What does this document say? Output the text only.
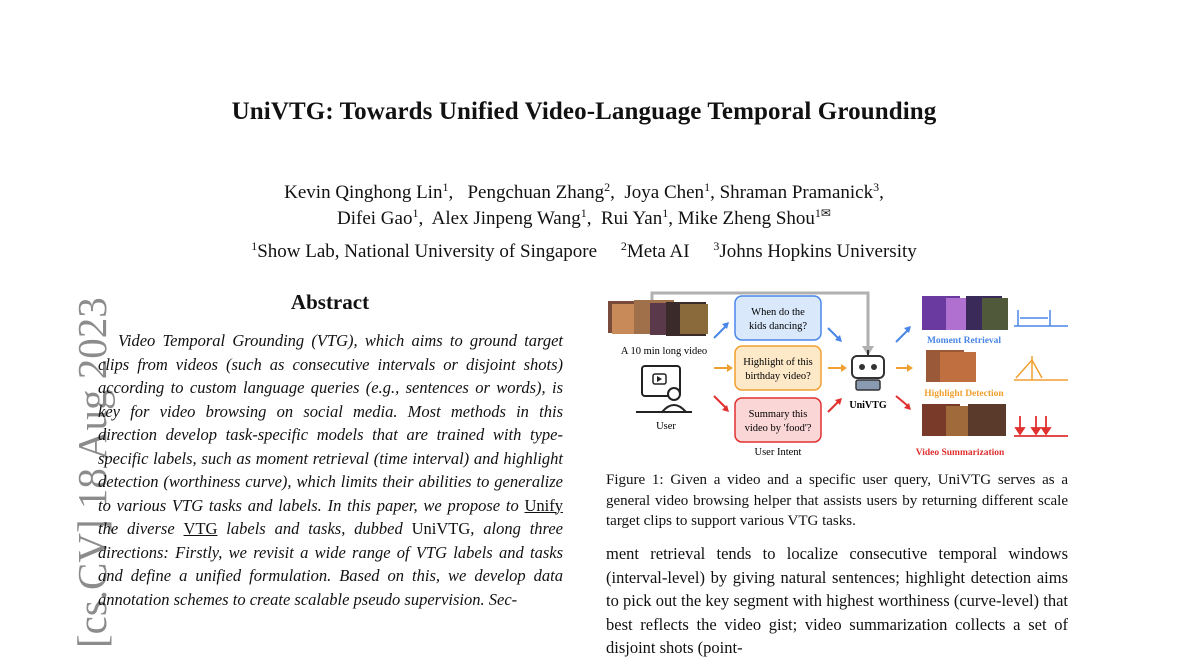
UniVTG: Towards Unified Video-Language Temporal Grounding
Kevin Qinghong Lin$^1$,   Pengchuan Zhang$^2$,  Joya Chen$^1$, Shraman Pramanick$^3$,
Difei Gao$^1$,  Alex Jinpeng Wang$^1$,  Rui Yan$^1$, Mike Zheng Shou$^{1✉}$
$^1$Show Lab, National University of Singapore $^2$Meta AI $^3$Johns Hopkins University
[cs.CV] 18 Aug 2023	Abstract
Video Temporal Grounding (VTG), which aims to ground target clips from videos (such as consecutive intervals or disjoint shots) according to custom language queries (e.g., sentences or words), is key for video browsing on social media. Most methods in this direction develop task-specific models that are trained with type-specific labels, such as moment retrieval (time interval) and highlight detection (worthiness curve), which limits their abilities to generalize to various VTG tasks and labels. In this paper, we propose to Unify the diverse VTG labels and tasks, dubbed UniVTG, along three directions: Firstly, we revisit a wide range of VTG labels and tasks and define a unified formulation. Based on this, we develop data annotation schemes to create scalable pseudo supervision. Sec-
A 10 min long video
User
When do the
kids dancing?
Highlight of this
birthday video?
Summary this
video by 'food'?
User Intent
UniVTG
Moment Retrieval
Highlight Detection
Video Summarization
Figure 1: Given a video and a specific user query, UniVTG serves as a general video browsing helper that assists users by returning different scale target clips to support various VTG tasks.
ment retrieval tends to localize consecutive temporal windows (interval-level) by giving natural sentences; highlight detection aims to pick out the key segment with highest worthiness (curve-level) that best reflects the video gist; video summarization collects a set of disjoint shots (point-
